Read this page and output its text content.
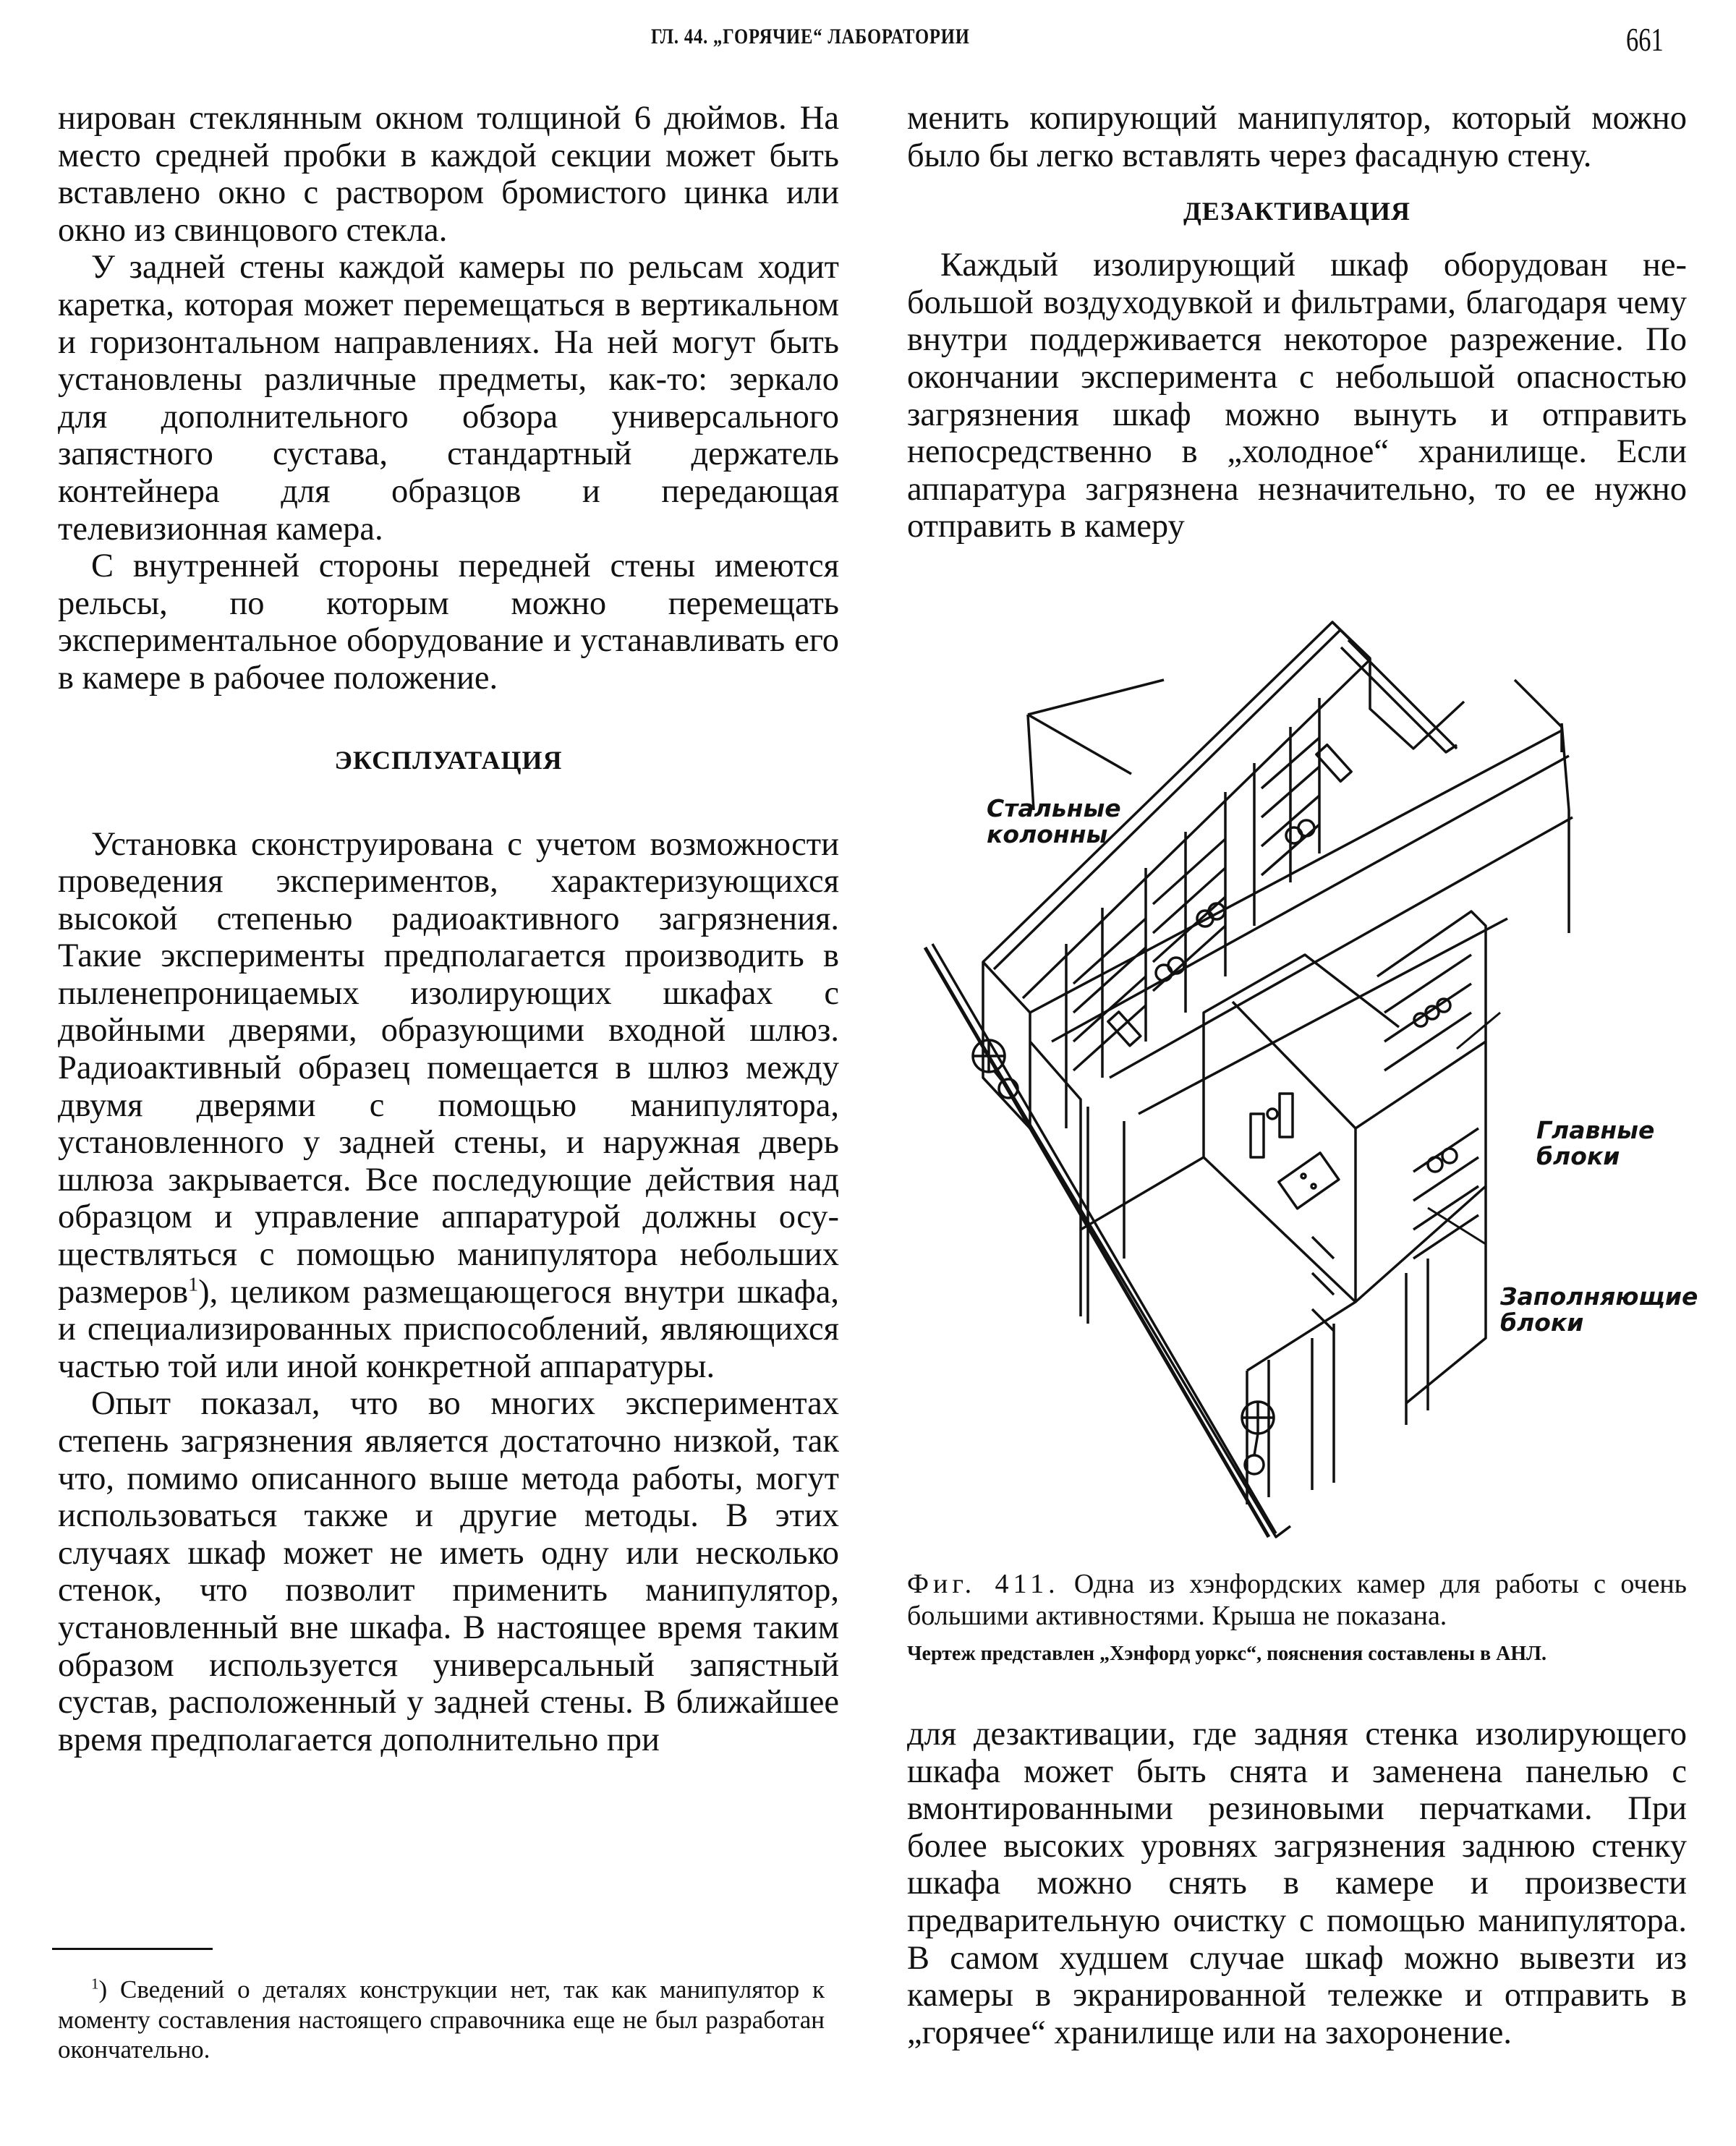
ГЛ. 44. „ГОРЯЧИЕ“ ЛАБОРАТОРИИ	661

нирован стеклянным окном толщиной 6 дюймов. На место средней пробки в каждой секции может быть вставлено окно с раствором бромистого цинка или окно из свинцового стекла.

У задней стены каждой камеры по рельсам ходит каретка, которая может перемещаться в вертикальном и горизонтальном направлениях. На ней могут быть установлены различные предметы, как-то: зеркало для дополнительного обзора универсального запястного сустава, стандартный держатель контейнера для образцов и передающая телевизионная камера.

С внутренней стороны передней стены имеются рельсы, по которым можно перемещать экспериментальное оборудование и устанавливать его в камере в рабочее положение.

ЭКСПЛУАТАЦИЯ

Установка сконструирована с учетом возможности проведения экспериментов, характеризующихся высокой степенью радиоактивного загрязнения. Такие эксперименты предполагается производить в пыленепроницаемых изолирующих шкафах с двойными дверями, образующими входной шлюз. Радиоактивный образец помещается в шлюз между двумя дверями с помощью манипулятора, установленного у задней стены, и наружная дверь шлюза закрывается. Все последующие действия над образцом и управление аппаратурой должны осуществляться с помощью манипулятора небольших размеров$^1$), целиком размещающегося внутри шкафа, и специализированных приспособлений, являющихся частью той или иной конкретной аппаратуры.

Опыт показал, что во многих экспериментах степень загрязнения является достаточно низкой, так что, помимо описанного выше метода работы, могут использоваться также и другие методы. В этих случаях шкаф может не иметь одну или несколько стенок, что позволит применить манипулятор, установленный вне шкафа. В настоящее время таким образом используется универсальный запястный сустав, расположенный у задней стены. В ближайшее время предполагается дополнительно при

$^1$) Сведений о деталях конструкции нет, так как манипулятор к моменту составления настоящего справочника еще не был разработан окончательно.

менить копирующий манипулятор, который можно было бы легко вставлять через фасадную стену.

ДЕЗАКТИВАЦИЯ

Каждый изолирующий шкаф оборудован небольшой воздуходувкой и фильтрами, благодаря чему внутри поддерживается некоторое разрежение. По окончании эксперимента с небольшой опасностью загрязнения шкаф можно вынуть и отправить непосредственно в „холодное“ хранилище. Если аппаратура загрязнена незначительно, то ее нужно отправить в камеру

Стальные
колонны
Главные
блоки
Заполняющие
блоки

Фиг. 411. Одна из хэнфордских камер для работы с очень большими активностями. Крыша не показана.

Чертеж представлен „Хэнфорд уоркс“, пояснения составлены в АНЛ.

для дезактивации, где задняя стенка изолирующего шкафа может быть снята и заменена панелью с вмонтированными резиновыми перчатками. При более высоких уровнях загрязнения заднюю стенку шкафа можно снять в камере и произвести предварительную очистку с помощью манипулятора. В самом худшем случае шкаф можно вывезти из камеры в экранированной тележке и отправить в „горячее“ хранилище или на захоронение.
